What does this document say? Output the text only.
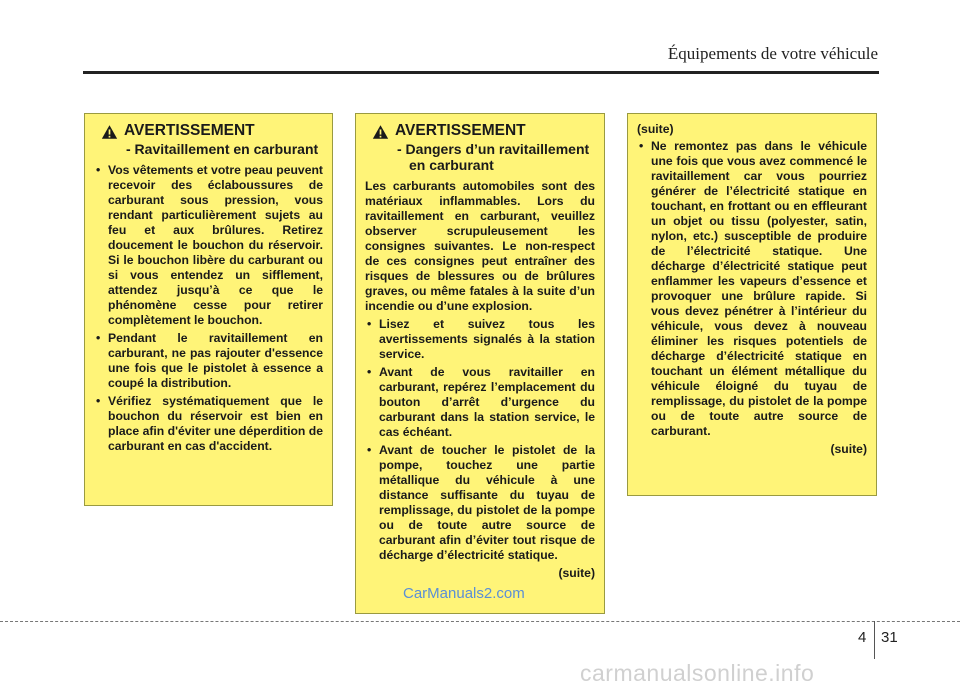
Équipements de votre véhicule
AVERTISSEMENT
- Ravitaillement en carburant
• Vos vêtements et votre peau peuvent recevoir des éclaboussures de carburant sous pression, vous rendant particulièrement sujets au feu et aux brûlures. Retirez doucement le bouchon du réservoir. Si le bouchon libère du carburant ou si vous entendez un sifflement, attendez jusqu’à ce que le phénomène cesse pour retirer complètement le bouchon.
• Pendant le ravitaillement en carburant, ne pas rajouter d'essence une fois que le pistolet à essence a coupé la distribution.
• Vérifiez systématiquement que le bouchon du réservoir est bien en place afin d'éviter une déperdition de carburant en cas d'accident.
AVERTISSEMENT
- Dangers d’un ravitaillement en carburant
Les carburants automobiles sont des matériaux inflammables. Lors du ravitaillement en carburant, veuillez observer scrupuleusement les consignes suivantes. Le non-respect de ces consignes peut entraîner des risques de blessures ou de brûlures graves, ou même fatales à la suite d’un incendie ou d’une explosion.
• Lisez et suivez tous les avertissements signalés à la station service.
• Avant de vous ravitailler en carburant, repérez l’emplacement du bouton d’arrêt d’urgence du carburant dans la station service, le cas échéant.
• Avant de toucher le pistolet de la pompe, touchez une partie métallique du véhicule à une distance suffisante du tuyau de remplissage, du pistolet de la pompe ou de toute autre source de carburant afin d’éviter tout risque de décharge d’électricité statique.
(suite)
(suite)
• Ne remontez pas dans le véhicule une fois que vous avez commencé le ravitaillement car vous pourriez générer de l’électricité statique en touchant, en frottant ou en effleurant un objet ou tissu (polyester, satin, nylon, etc.) susceptible de produire de l’électricité statique. Une décharge d’électricité statique peut enflammer les vapeurs d’essence et provoquer une brûlure rapide. Si vous devez pénétrer à l’intérieur du véhicule, vous devez à nouveau éliminer les risques potentiels de décharge d’électricité statique en touchant un élément métallique du véhicule éloigné du tuyau de remplissage, du pistolet de la pompe ou de toute autre source de carburant.
(suite)
CarManuals2.com
4 31
carmanualsonline.info
